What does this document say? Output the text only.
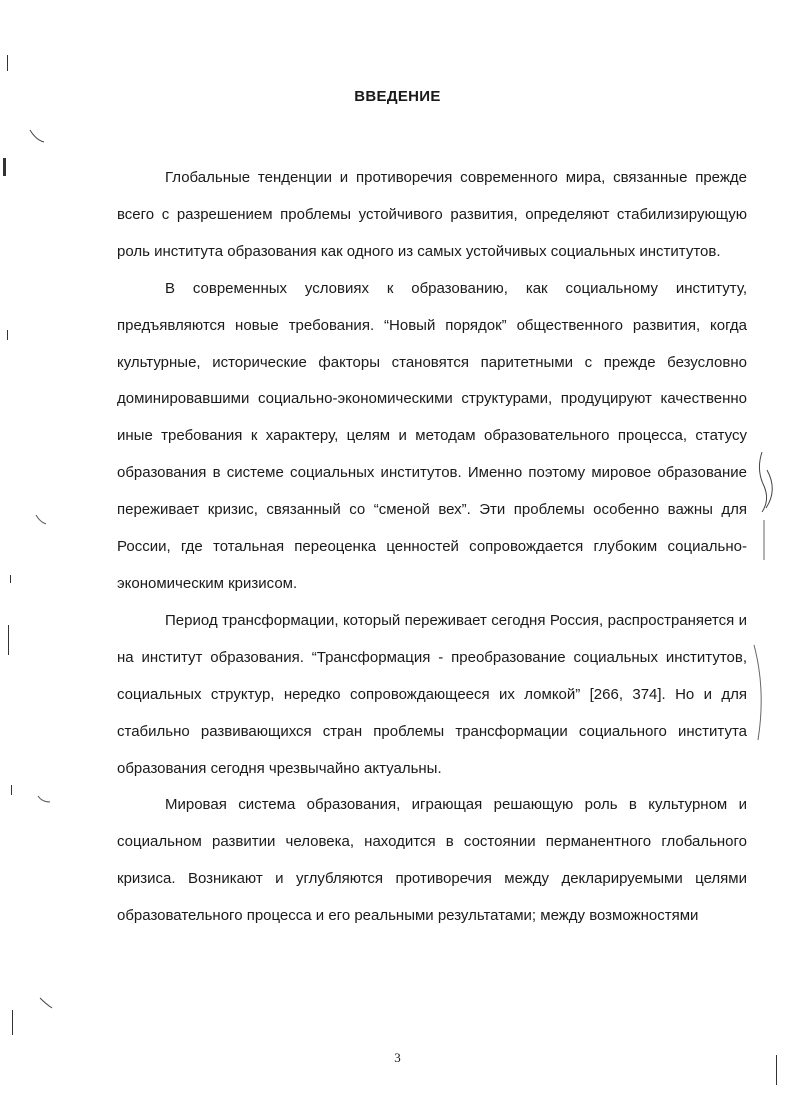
ВВЕДЕНИЕ

Глобальные тенденции и противоречия современного мира, связанные прежде всего с разрешением проблемы устойчивого развития, определяют стабилизирующую роль института образования как одного из самых устойчивых социальных институтов.

В современных условиях к образованию, как социальному институту, предъявляются новые требования. “Новый порядок” общественного развития, когда культурные, исторические факторы становятся паритетными с прежде безусловно доминировавшими социально-экономическими структурами, продуцируют качественно иные требования к характеру, целям и методам образовательного процесса, статусу образования в системе социальных институтов. Именно поэтому мировое образование переживает кризис, связанный со “сменой вех”. Эти проблемы особенно важны для России, где тотальная переоценка ценностей сопровождается глубоким социально-экономическим кризисом.

Период трансформации, который переживает сегодня Россия, распространяется и на институт образования. “Трансформация - преобразование социальных институтов, социальных структур, нередко сопровождающееся их ломкой” [266, 374]. Но и для стабильно развивающихся стран проблемы трансформации социального института образования сегодня чрезвычайно актуальны.

Мировая система образования, играющая решающую роль в культурном и социальном развитии человека, находится в состоянии перманентного глобального кризиса. Возникают и углубляются противоречия между декларируемыми целями образовательного процесса и его реальными результатами; между возможностями

3
